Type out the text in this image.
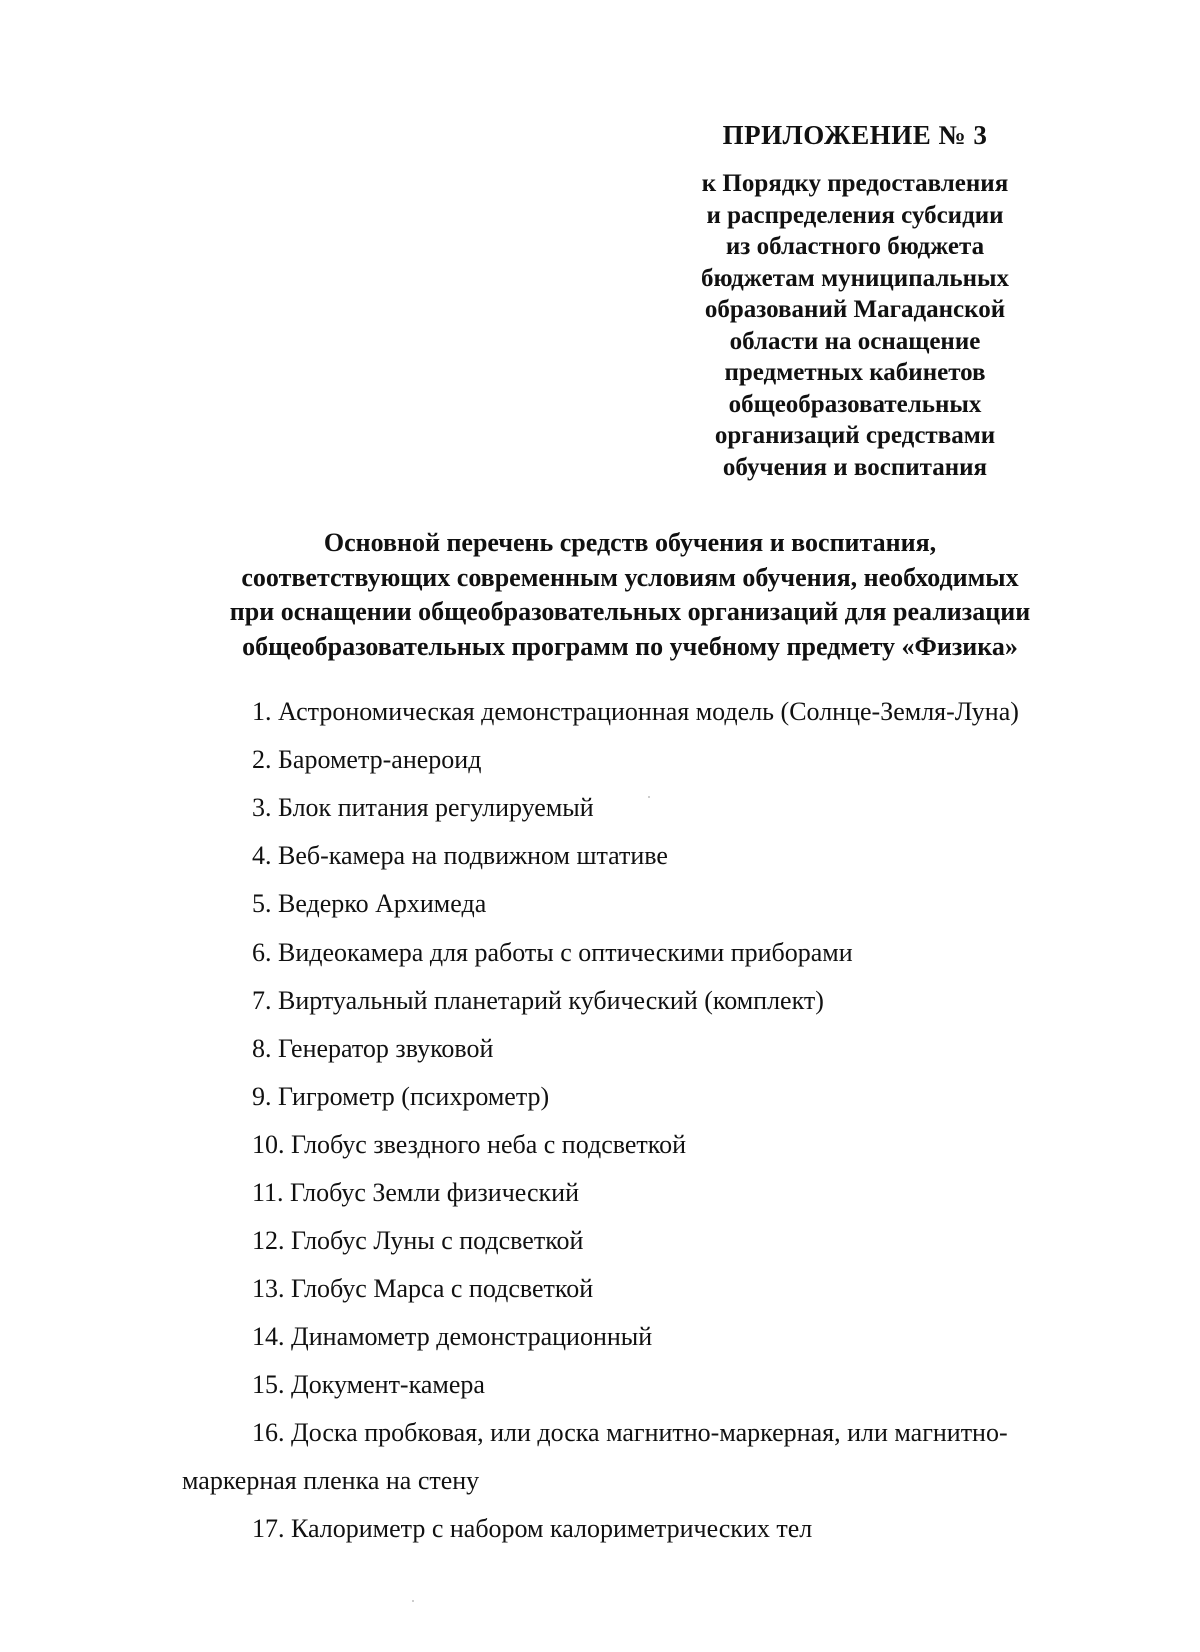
ПРИЛОЖЕНИЕ № 3
к Порядку предоставления
и распределения субсидии
из областного бюджета
бюджетам муниципальных
образований Магаданской
области на оснащение
предметных кабинетов
общеобразовательных
организаций средствами
обучения и воспитания
Основной перечень средств обучения и воспитания,
соответствующих современным условиям обучения, необходимых
при оснащении общеобразовательных организаций для реализации
общеобразовательных программ по учебному предмету «Физика»
1. Астрономическая демонстрационная модель (Солнце-Земля-Луна)
2. Барометр-анероид
3. Блок питания регулируемый
4. Веб-камера на подвижном штативе
5. Ведерко Архимеда
6. Видеокамера для работы с оптическими приборами
7. Виртуальный планетарий кубический (комплект)
8. Генератор звуковой
9. Гигрометр (психрометр)
10. Глобус звездного неба с подсветкой
11. Глобус Земли физический
12. Глобус Луны с подсветкой
13. Глобус Марса с подсветкой
14. Динамометр демонстрационный
15. Документ-камера
16. Доска пробковая, или доска магнитно-маркерная, или магнитно-
маркерная пленка на стену
17. Калориметр с набором калориметрических тел
